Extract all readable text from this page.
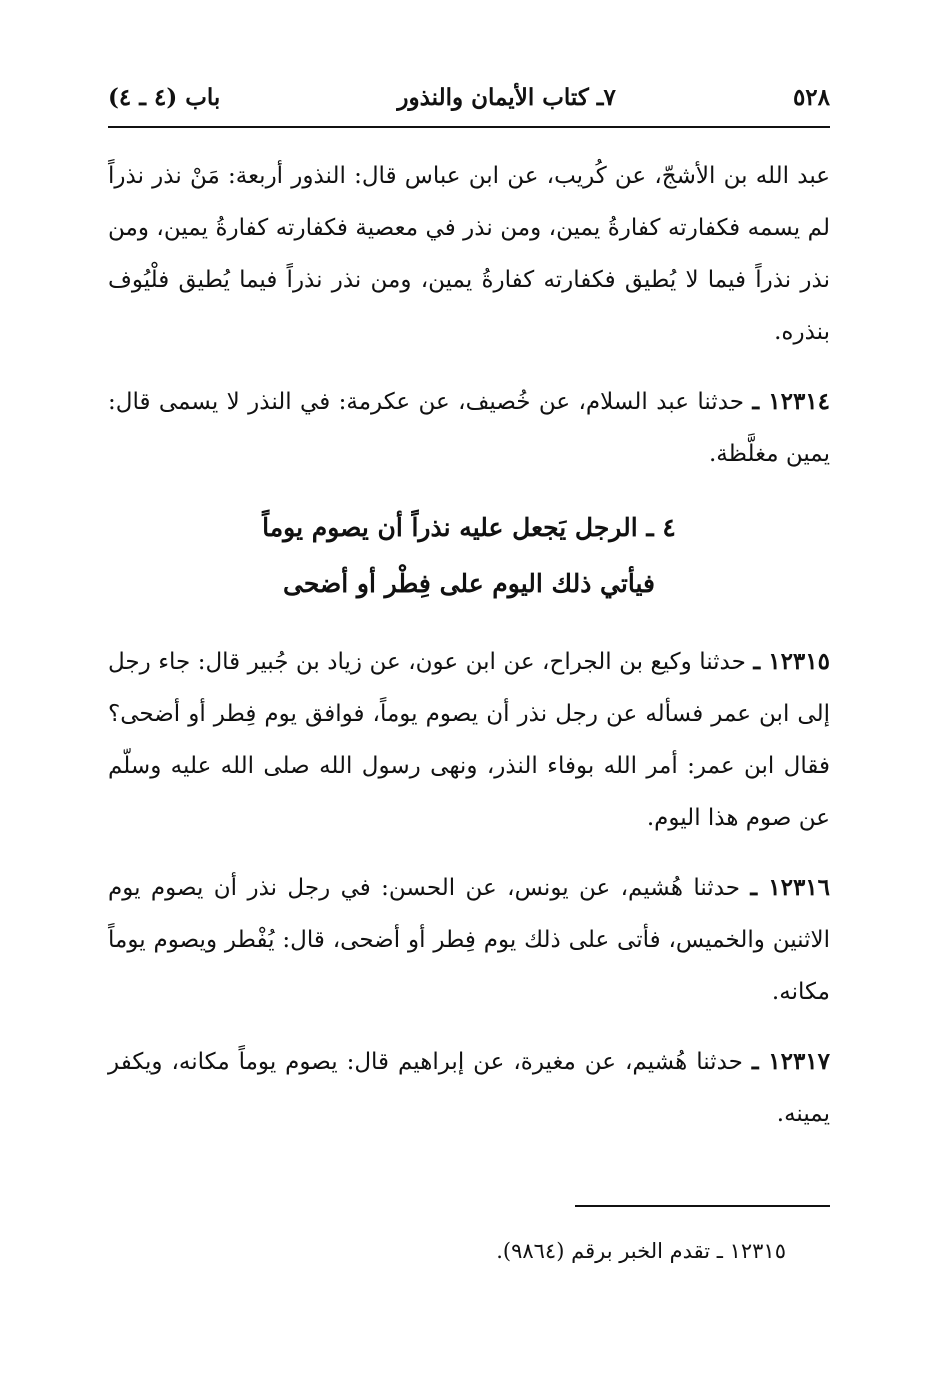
٥٢٨
٧ـ كتاب الأيمان والنذور
باب (٤ ـ ٤)

عبد الله بن الأشجّ، عن كُريب، عن ابن عباس قال: النذور أربعة: مَنْ نذر نذراً لم يسمه فكفارته كفارةُ يمين، ومن نذر في معصية فكفارته كفارةُ يمين، ومن نذر نذراً فيما لا يُطيق فكفارته كفارةُ يمين، ومن نذر نذراً فيما يُطيق فلْيُوف بنذره.

١٢٣١٤ ـ حدثنا عبد السلام، عن خُصيف، عن عكرمة: في النذر لا يسمى قال: يمين مغلَّظة.

٤ ـ الرجل يَجعل عليه نذراً أن يصوم يوماً
فيأتي ذلك اليوم على فِطْر أو أضحى

١٢٣١٥ ـ حدثنا وكيع بن الجراح، عن ابن عون، عن زياد بن جُبير قال: جاء رجل إلى ابن عمر فسأله عن رجل نذر أن يصوم يوماً، فوافق يوم فِطر أو أضحى؟ فقال ابن عمر: أمر الله بوفاء النذر، ونهى رسول الله صلى الله عليه وسلّم عن صوم هذا اليوم.

١٢٣١٦ ـ حدثنا هُشيم، عن يونس، عن الحسن: في رجل نذر أن يصوم يوم الاثنين والخميس، فأتى على ذلك يوم فِطر أو أضحى، قال: يُفْطر ويصوم يوماً مكانه.

١٢٣١٧ ـ حدثنا هُشيم، عن مغيرة، عن إبراهيم قال: يصوم يوماً مكانه، ويكفر يمينه.

١٢٣١٥ ـ تقدم الخبر برقم (٩٨٦٤).
